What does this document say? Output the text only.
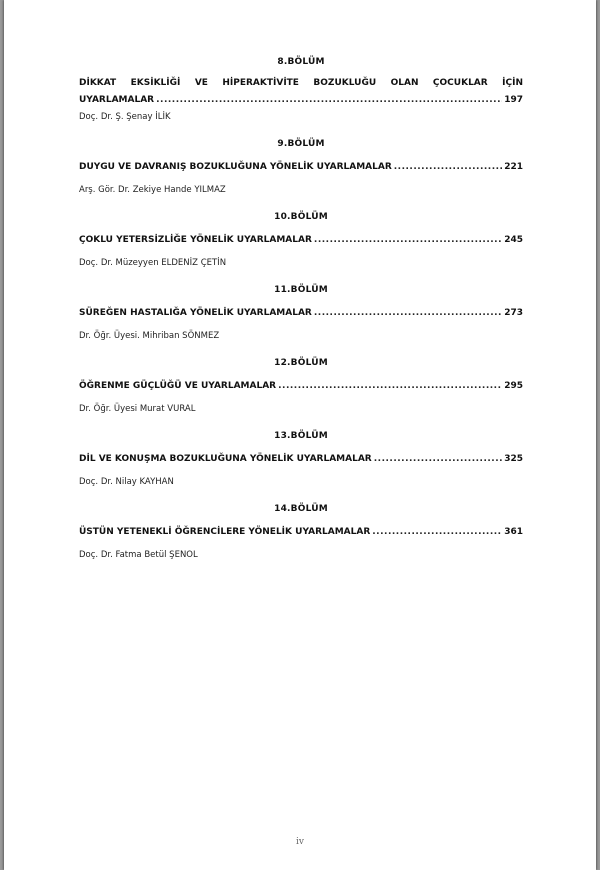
8.BÖLÜM
DİKKAT EKSİKLİĞİ VE HİPERAKTİVİTE BOZUKLUĞU OLAN ÇOCUKLAR İÇİN
UYARLAMALAR .....	197
Doç. Dr. Ş. Şenay İLİK
9.BÖLÜM
DUYGU VE DAVRANIŞ BOZUKLUĞUNA YÖNELİK UYARLAMALAR .....	221
Arş. Gör. Dr. Zekiye Hande YILMAZ
10.BÖLÜM
ÇOKLU YETERSİZLİĞE YÖNELİK UYARLAMALAR .....	245
Doç. Dr. Müzeyyen ELDENİZ ÇETİN
11.BÖLÜM
SÜREĞEN HASTALIĞA YÖNELİK UYARLAMALAR .....	273
Dr. Öğr. Üyesi. Mihriban SÖNMEZ
12.BÖLÜM
ÖĞRENME GÜÇLÜĞÜ VE UYARLAMALAR .....	295
Dr. Öğr. Üyesi Murat VURAL
13.BÖLÜM
DİL VE KONUŞMA BOZUKLUĞUNA YÖNELİK UYARLAMALAR .....	325
Doç. Dr. Nilay KAYHAN
14.BÖLÜM
ÜSTÜN YETENEKLİ ÖĞRENCİLERE YÖNELİK UYARLAMALAR .....	361
Doç. Dr. Fatma Betül ŞENOL
iv
